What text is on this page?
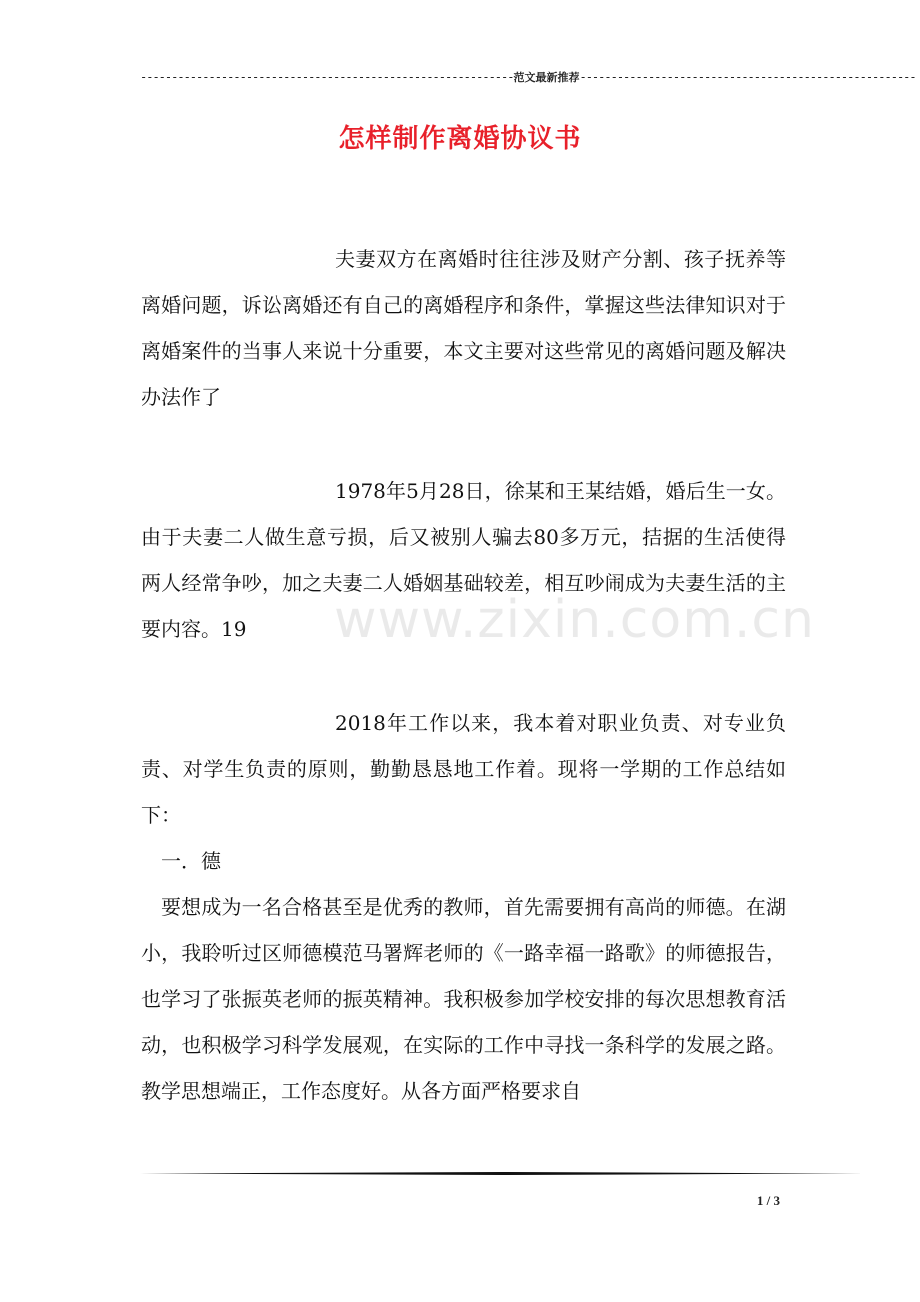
------------------------------------------------------------范文最新推荐------------------------------------------------------
怎样制作离婚协议书

夫妻双方在离婚时往往涉及财产分割、孩子抚养等离婚问题，诉讼离婚还有自己的离婚程序和条件，掌握这些法律知识对于离婚案件的当事人来说十分重要，本文主要对这些常见的离婚问题及解决办法作了

1978年5月28日，徐某和王某结婚，婚后生一女。由于夫妻二人做生意亏损，后又被别人骗去80多万元，拮据的生活使得两人经常争吵，加之夫妻二人婚姻基础较差，相互吵闹成为夫妻生活的主要内容。19

2018年工作以来，我本着对职业负责、对专业负责、对学生负责的原则，勤勤恳恳地工作着。现将一学期的工作总结如下：

一．德

要想成为一名合格甚至是优秀的教师，首先需要拥有高尚的师德。在湖小，我聆听过区师德模范马署辉老师的《一路幸福一路歌》的师德报告，也学习了张振英老师的振英精神。我积极参加学校安排的每次思想教育活动，也积极学习科学发展观，在实际的工作中寻找一条科学的发展之路。教学思想端正，工作态度好。从各方面严格要求自

www.zixin.com.cn
1 / 3
